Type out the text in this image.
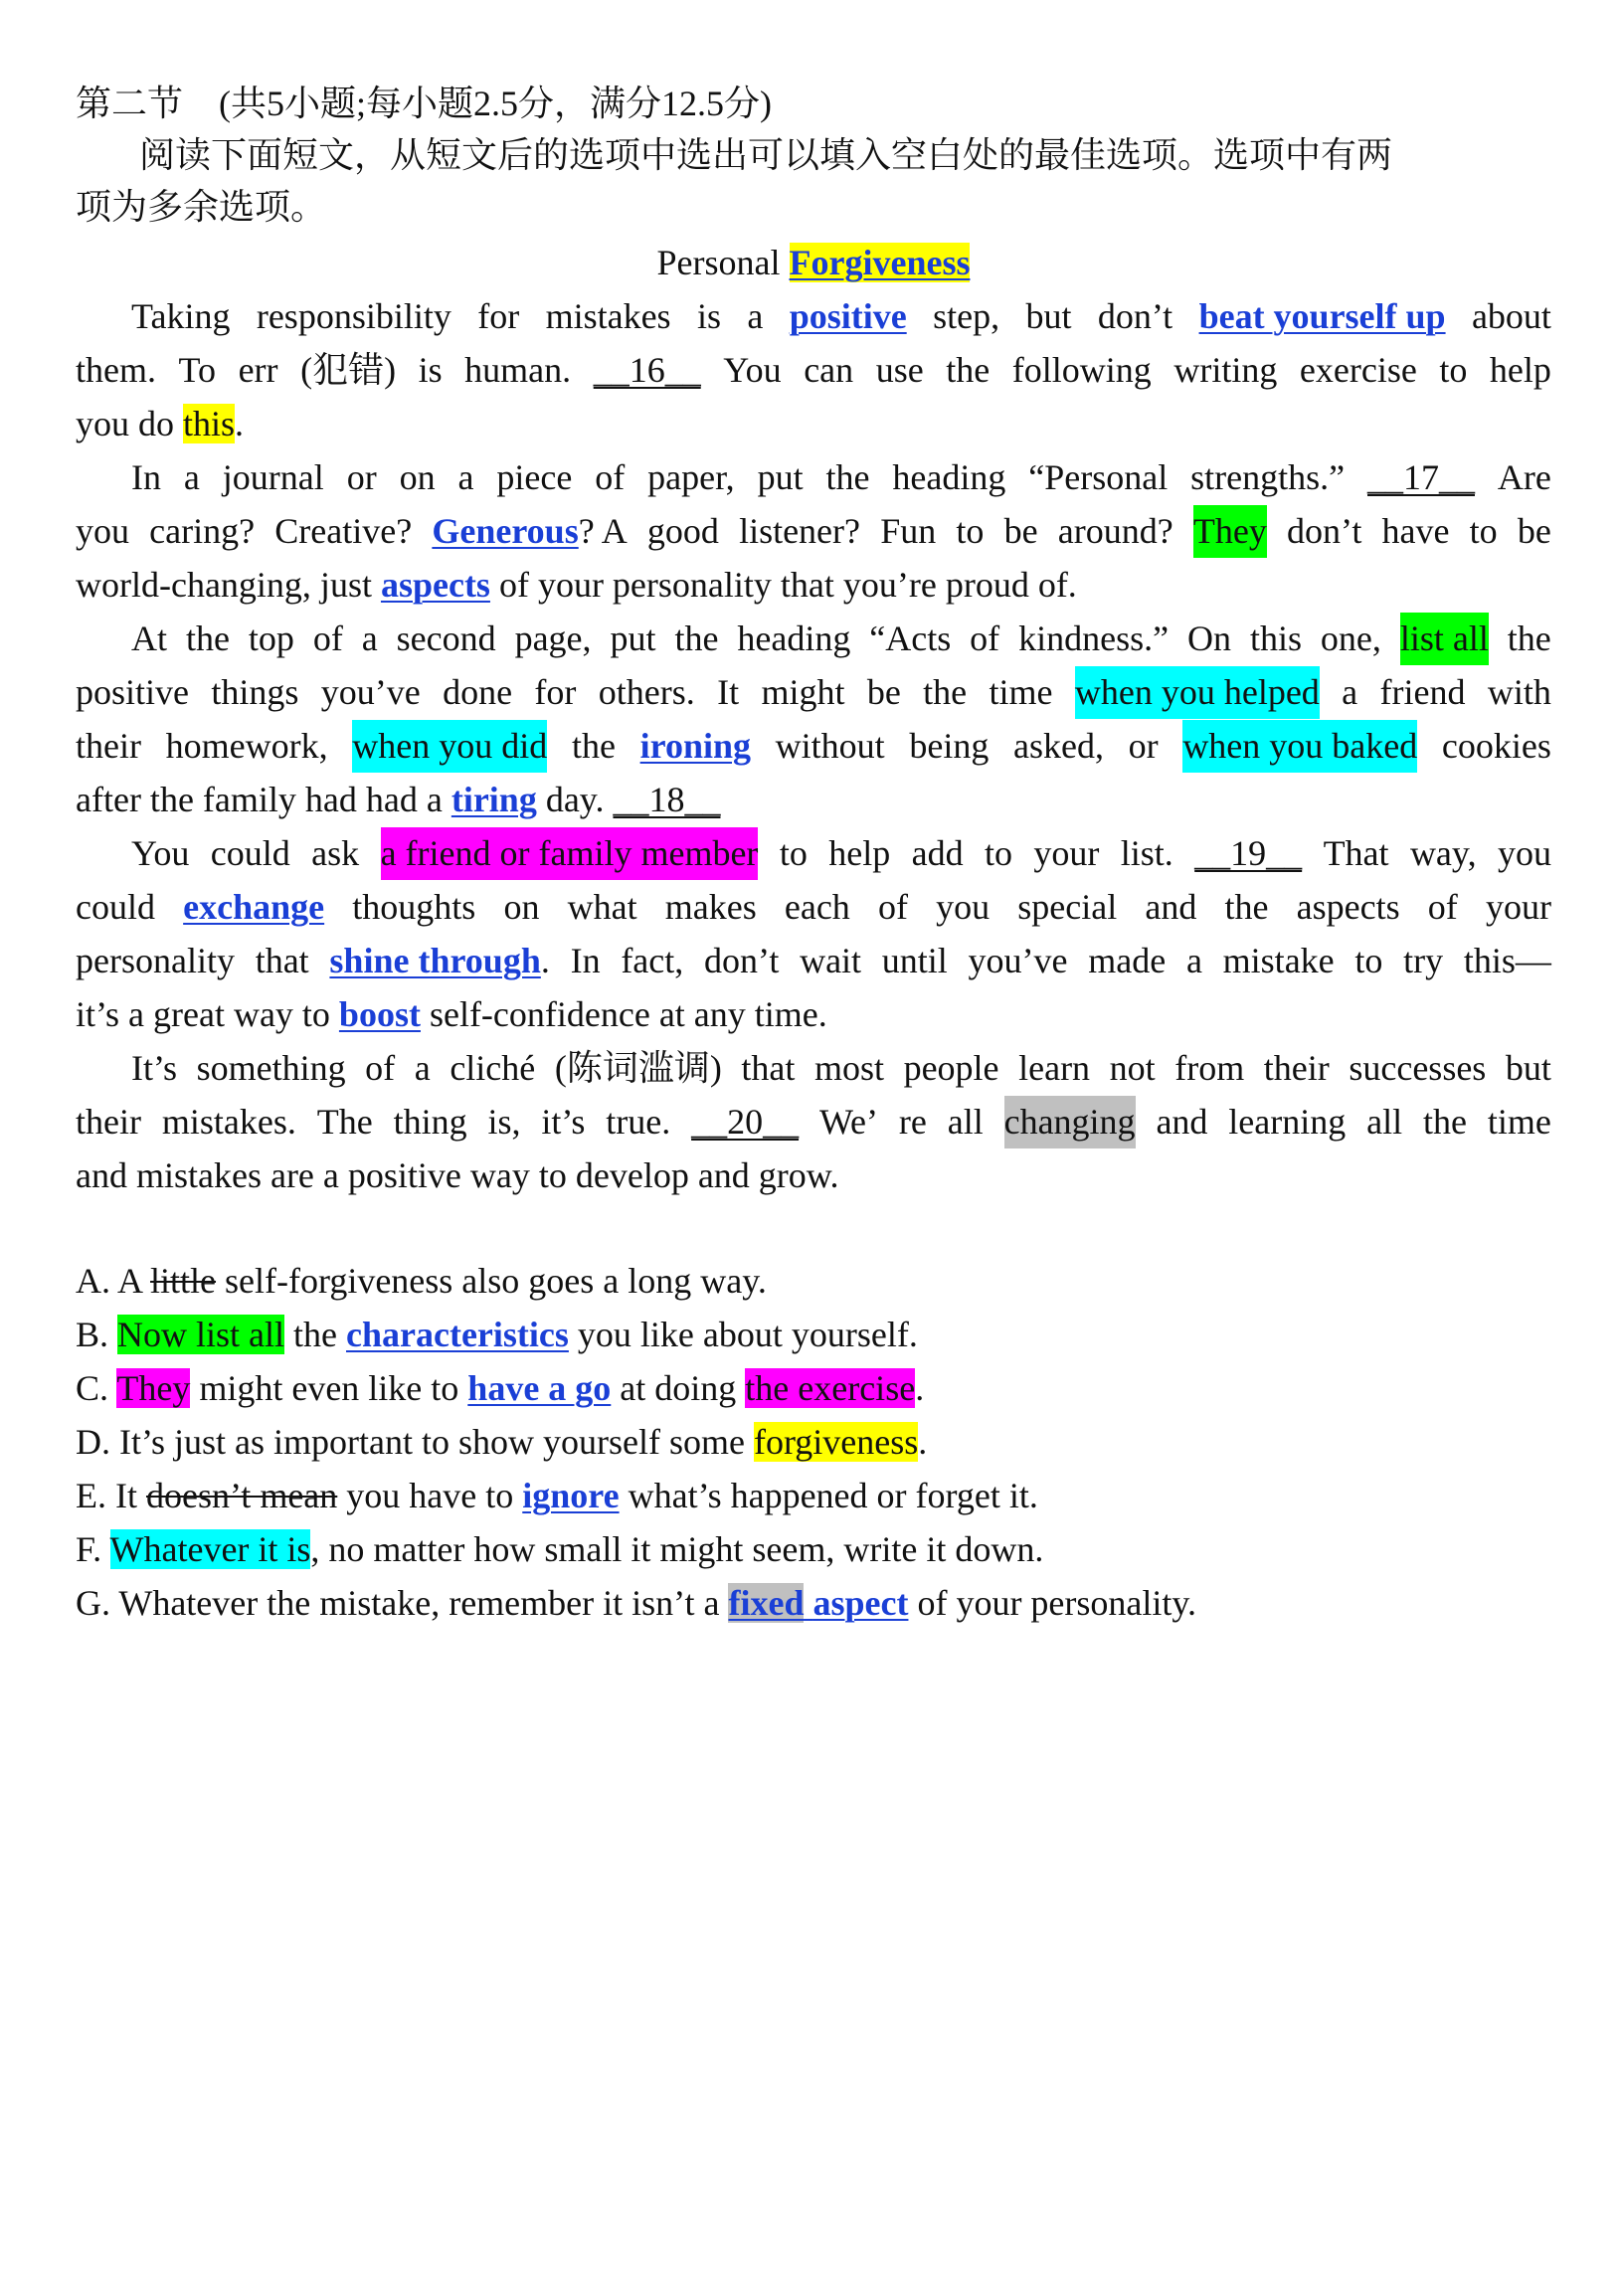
第二节　(共5小题;每小题2.5分，满分12.5分)
阅读下面短文，从短文后的选项中选出可以填入空白处的最佳选项。选项中有两
项为多余选项。
Personal Forgiveness
Taking responsibility for mistakes is a positive step, but don’t beat yourself up about
them. To err (犯错) is human. __16__ You can use the following writing exercise to help
you do this.
In a journal or on a piece of paper, put the heading “Personal strengths.” __17__ Are
you caring? Creative? Generous? A good listener? Fun to be around? They don’t have to be
world-changing, just aspects of your personality that you’re proud of.
At the top of a second page, put the heading “Acts of kindness.” On this one, list all the
positive things you’ve done for others. It might be the time when you helped a friend with
their homework, when you did the ironing without being asked, or when you baked cookies
after the family had had a tiring day. __18__
You could ask a friend or family member to help add to your list. __19__ That way, you
could exchange thoughts on what makes each of you special and the aspects of your
personality that shine through. In fact, don’t wait until you’ve made a mistake to try this—
it’s a great way to boost self-confidence at any time.
It’s something of a cliché (陈词滥调) that most people learn not from their successes but
their mistakes. The thing is, it’s true. __20__ We’ re all changing and learning all the time
and mistakes are a positive way to develop and grow.
A. A little self-forgiveness also goes a long way.
B. Now list all the characteristics you like about yourself.
C. They might even like to have a go at doing the exercise.
D. It’s just as important to show yourself some forgiveness.
E. It doesn’t mean you have to ignore what’s happened or forget it.
F. Whatever it is, no matter how small it might seem, write it down.
G. Whatever the mistake, remember it isn’t a fixed aspect of your personality.
